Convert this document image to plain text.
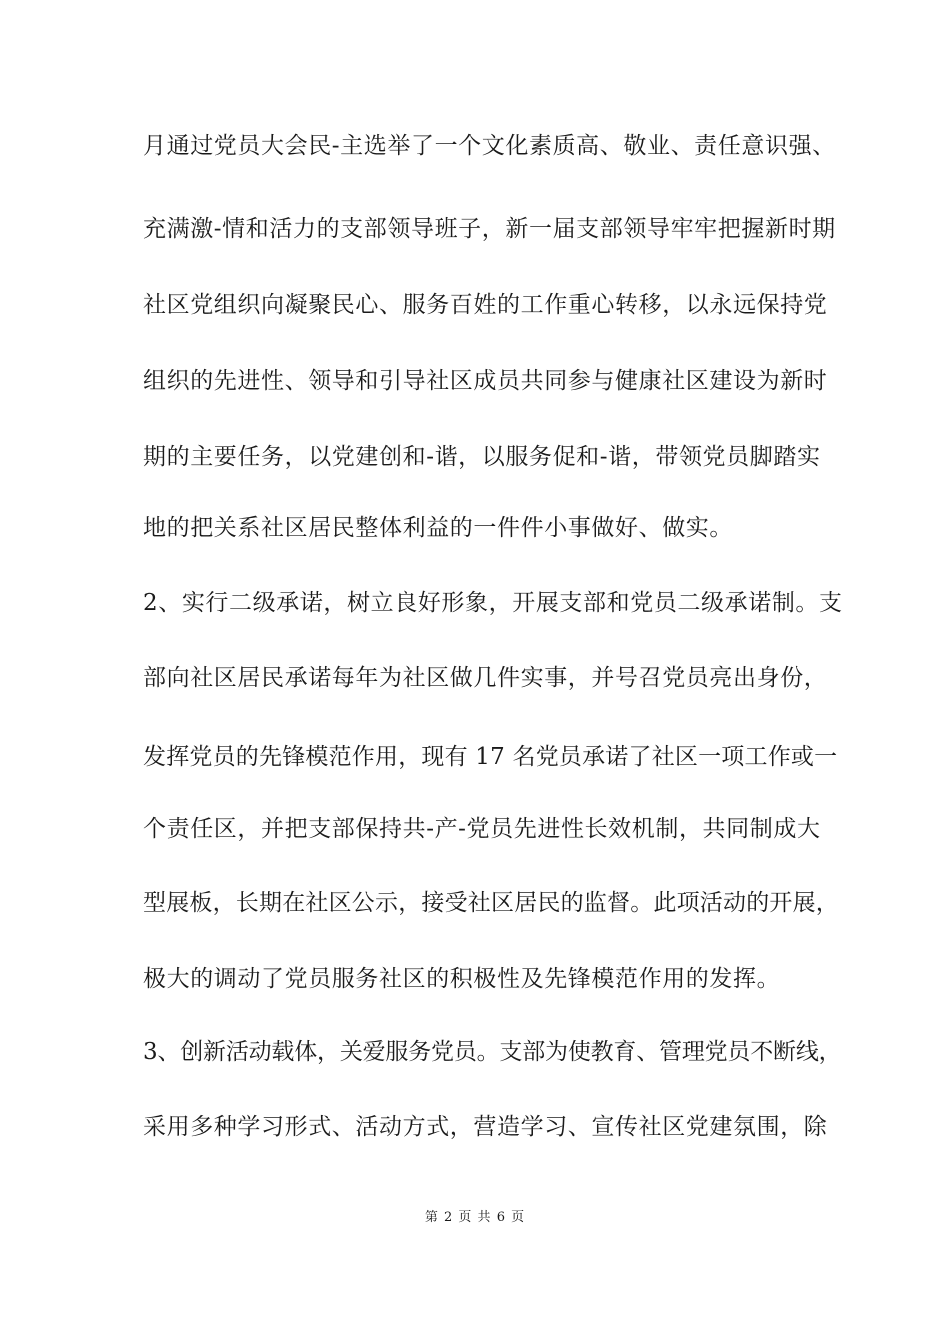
月通过党员大会民-主选举了一个文化素质高、敬业、责任意识强、
充满激-情和活力的支部领导班子，新一届支部领导牢牢把握新时期
社区党组织向凝聚民心、服务百姓的工作重心转移，以永远保持党
组织的先进性、领导和引导社区成员共同参与健康社区建设为新时
期的主要任务，以党建创和-谐，以服务促和-谐，带领党员脚踏实
地的把关系社区居民整体利益的一件件小事做好、做实。
2、实行二级承诺，树立良好形象，开展支部和党员二级承诺制。支
部向社区居民承诺每年为社区做几件实事，并号召党员亮出身份，
发挥党员的先锋模范作用，现有 17 名党员承诺了社区一项工作或一
个责任区，并把支部保持共-产-党员先进性长效机制，共同制成大
型展板，长期在社区公示，接受社区居民的监督。此项活动的开展，
极大的调动了党员服务社区的积极性及先锋模范作用的发挥。
3、创新活动载体，关爱服务党员。支部为使教育、管理党员不断线，
采用多种学习形式、活动方式，营造学习、宣传社区党建氛围，除
第 2 页 共 6 页
